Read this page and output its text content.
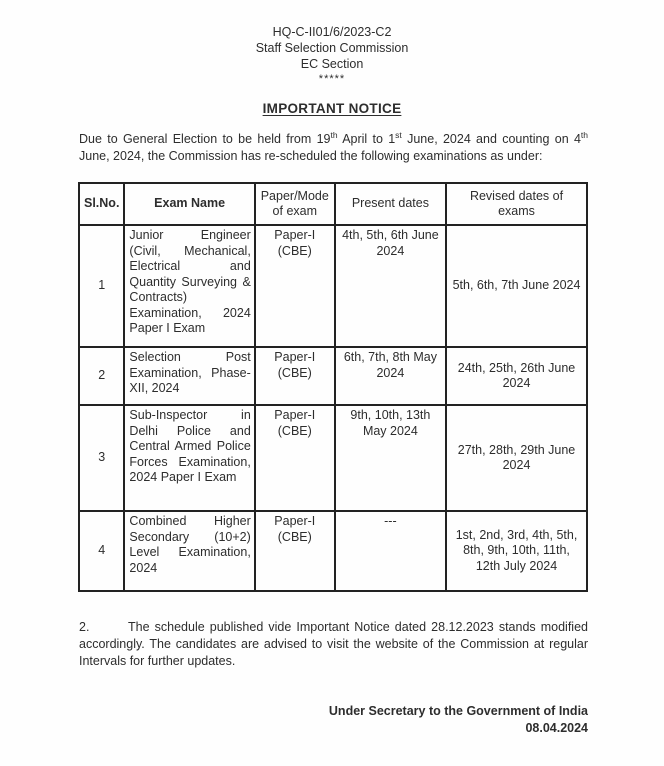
HQ-C-II01/6/2023-C2
Staff Selection Commission
EC Section
*****
IMPORTANT NOTICE

Due to General Election to be held from 19th April to 1st June, 2024 and counting on 4th June, 2024, the Commission has re-scheduled the following examinations as under:

Sl.No.	Exam Name	Paper/Mode of exam	Present dates	Revised dates of exams
1	Junior Engineer (Civil, Mechanical, Electrical and Quantity Surveying & Contracts) Examination, 2024 Paper I Exam	Paper-I (CBE)	4th, 5th, 6th June 2024	5th, 6th, 7th June 2024
2	Selection Post Examination, Phase-XII, 2024	Paper-I (CBE)	6th, 7th, 8th May 2024	24th, 25th, 26th June 2024
3	Sub-Inspector in Delhi Police and Central Armed Police Forces Examination, 2024 Paper I Exam	Paper-I (CBE)	9th, 10th, 13th May 2024	27th, 28th, 29th June 2024
4	Combined Higher Secondary (10+2) Level Examination, 2024	Paper-I (CBE)	---	1st, 2nd, 3rd, 4th, 5th, 8th, 9th, 10th, 11th, 12th July 2024

2.	The schedule published vide Important Notice dated 28.12.2023 stands modified accordingly. The candidates are advised to visit the website of the Commission at regular Intervals for further updates.

Under Secretary to the Government of India
08.04.2024
